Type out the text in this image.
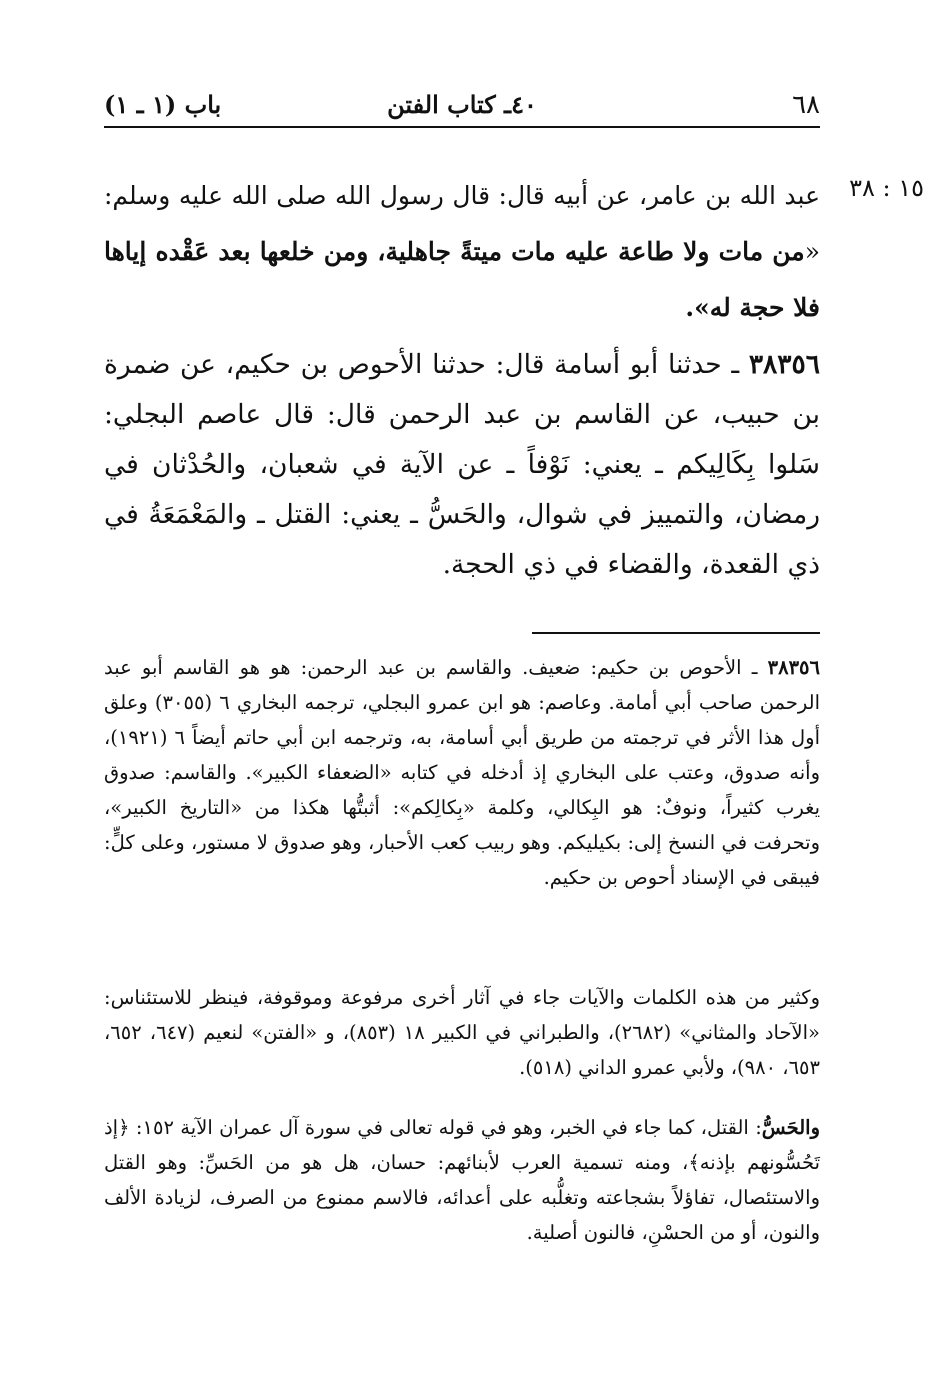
٦٨
٤٠ـ كتاب الفتن
باب (١ ـ ١)
١٥ : ٣٨
عبد الله بن عامر، عن أبيه قال: قال رسول الله صلى الله عليه وسلم: «من مات ولا طاعة عليه مات ميتةً جاهلية، ومن خلعها بعد عَقْده إياها فلا حجة له».
٣٨٣٥٦ ـ حدثنا أبو أسامة قال: حدثنا الأحوص بن حكيم، عن ضمرة بن حبيب، عن القاسم بن عبد الرحمن قال: قال عاصم البجلي: سَلوا بِكَالِيكم ـ يعني: نَوْفاً ـ عن الآية في شعبان، والحُدْثان في رمضان، والتمييز في شوال، والحَسُّ ـ يعني: القتل ـ والمَعْمَعَةُ في ذي القعدة، والقضاء في ذي الحجة.
٣٨٣٥٦ ـ الأحوص بن حكيم: ضعيف. والقاسم بن عبد الرحمن: هو هو القاسم أبو عبد الرحمن صاحب أبي أمامة. وعاصم: هو ابن عمرو البجلي، ترجمه البخاري ٦ (٣٠٥٥) وعلق أول هذا الأثر في ترجمته من طريق أبي أسامة، به، وترجمه ابن أبي حاتم أيضاً ٦ (١٩٢١)، وأنه صدوق، وعتب على البخاري إذ أدخله في كتابه «الضعفاء الكبير». والقاسم: صدوق يغرب كثيراً، ونوفٌ: هو البِكالي، وكلمة «بِكالِكم»: أثبتُّها هكذا من «التاريخ الكبير»، وتحرفت في النسخ إلى: بكيليكم. وهو ربيب كعب الأحبار، وهو صدوق لا مستور، وعلى كلٍّ: فيبقى في الإسناد أحوص بن حكيم.
وكثير من هذه الكلمات والآيات جاء في آثار أخرى مرفوعة وموقوفة، فينظر للاستئناس: «الآحاد والمثاني» (٢٦٨٢)، والطبراني في الكبير ١٨ (٨٥٣)، و «الفتن» لنعيم (٦٤٧، ٦٥٢، ٦٥٣، ٩٨٠)، ولأبي عمرو الداني (٥١٨).
والحَسُّ: القتل، كما جاء في الخبر، وهو في قوله تعالى في سورة آل عمران الآية ١٥٢: ﴿إذ تَحُسُّونهم بإذنه﴾، ومنه تسمية العرب لأبنائهم: حسان، هل هو من الحَسِّ: وهو القتل والاستئصال، تفاؤلاً بشجاعته وتغلُّبه على أعدائه، فالاسم ممنوع من الصرف، لزيادة الألف والنون، أو من الحسْنِ، فالنون أصلية.
